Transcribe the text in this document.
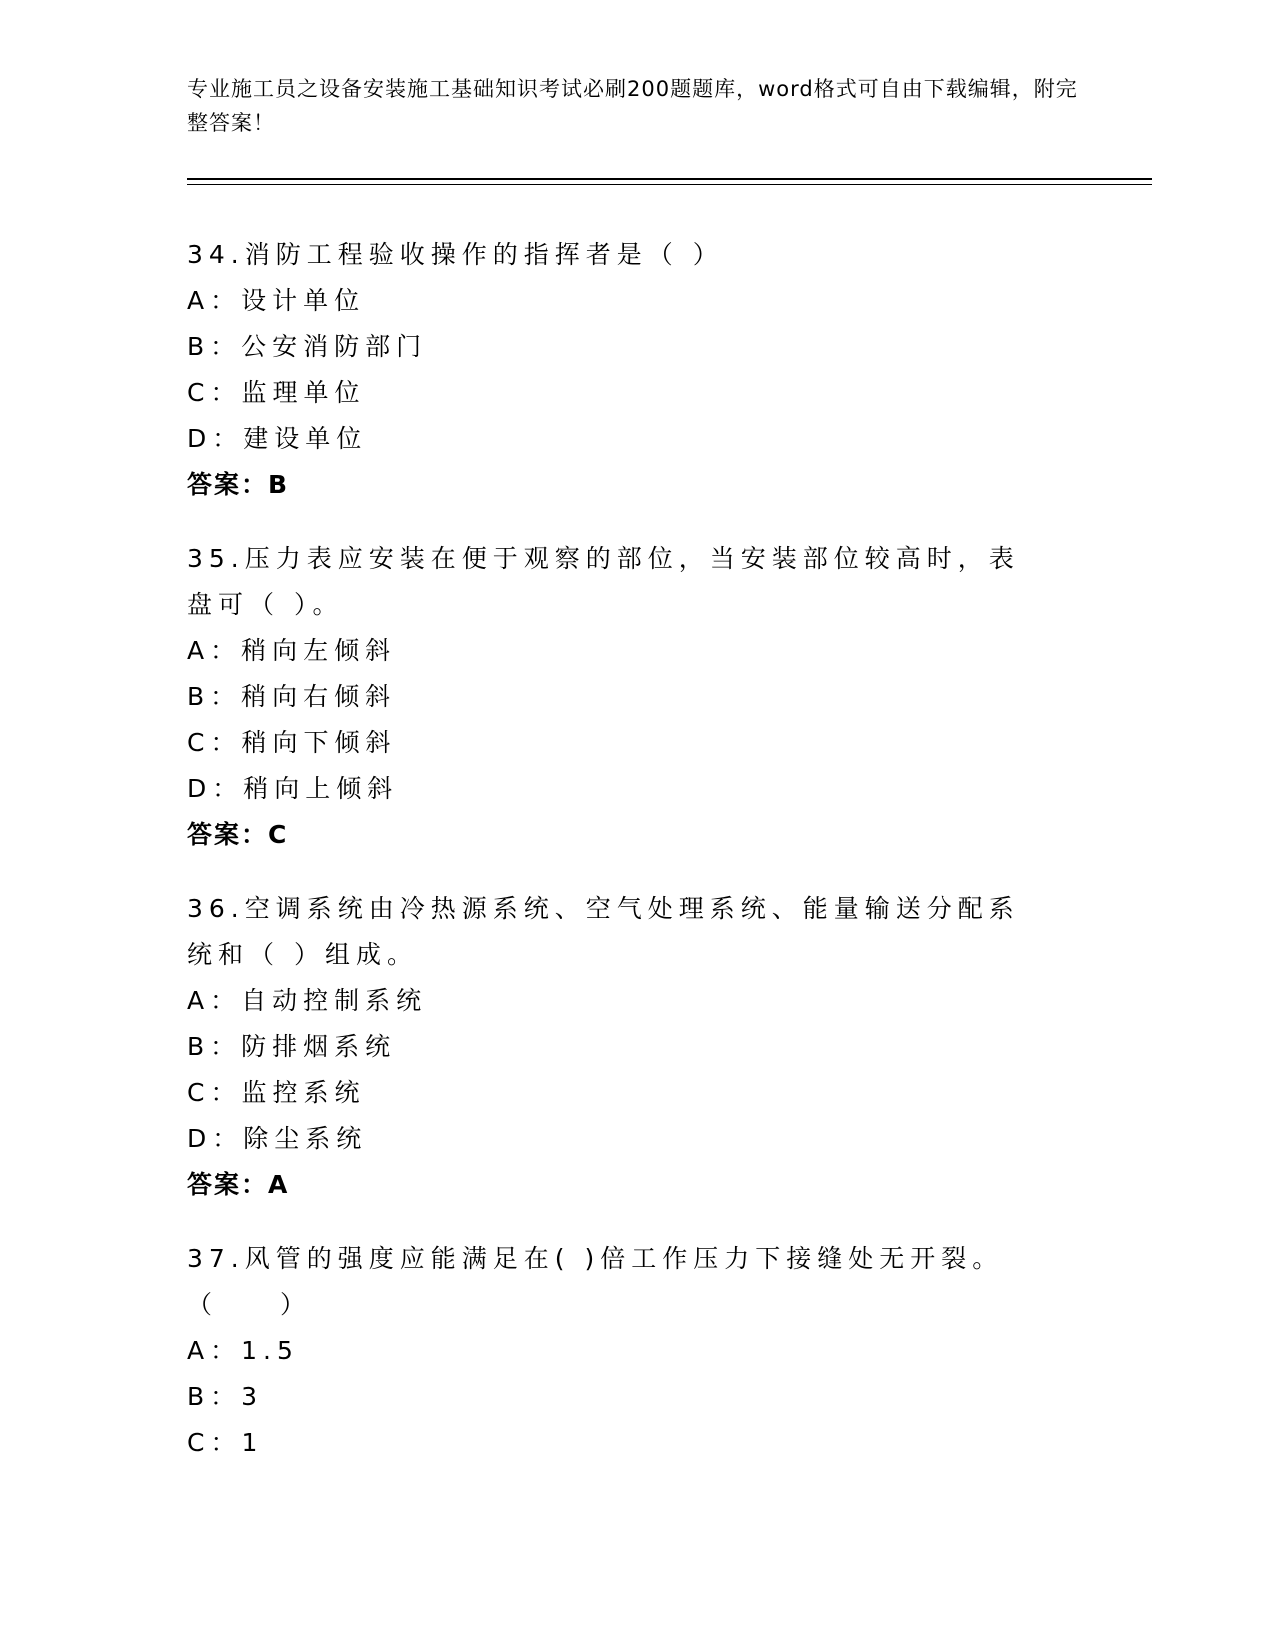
专业施工员之设备安装施工基础知识考试必刷200题题库，word格式可自由下载编辑，附完整答案！
34.消防工程验收操作的指挥者是（ ）
A：设计单位
B：公安消防部门
C：监理单位
D：建设单位
答案：B
35.压力表应安装在便于观察的部位，当安装部位较高时，表盘可（ ）。
A：稍向左倾斜
B：稍向右倾斜
C：稍向下倾斜
D：稍向上倾斜
答案：C
36.空调系统由冷热源系统、空气处理系统、能量输送分配系统和（ ）组成。
A：自动控制系统
B：防排烟系统
C：监控系统
D：除尘系统
答案：A
37.风管的强度应能满足在( )倍工作压力下接缝处无开裂。（　　）
A：1.5
B：3
C：1
